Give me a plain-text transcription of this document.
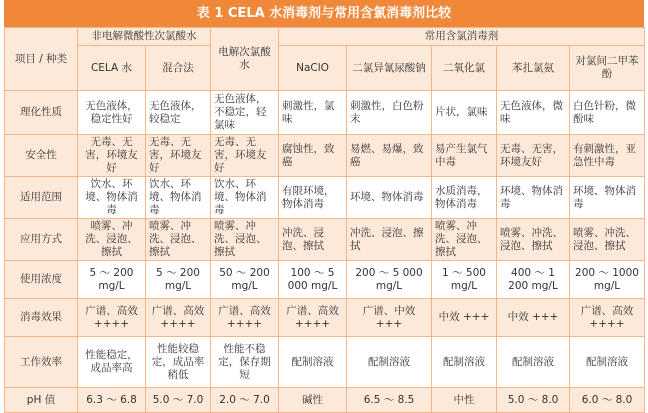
表 1 CELA 水消毒剂与常用含氯消毒剂比较
项目 / 种类	非电解微酸性次氯酸水		电解次氯酸水	常用含氯消毒剂				
	CELA 水	混合法		NaClO	二氯异氰尿酸钠	二氧化氯	苯扎氯氨	对氯间二甲苯酚
理化性质	无色液体，稳定性好	无色液体，较稳定	无色液体，不稳定，轻氯味	刺激性，氯味	刺激性，白色粉末	片状，氯味	无色液体，微味	白色针粉，微酚味
安全性	无毒、无害，环境友好	无毒、无害，环境友好	无毒、无害，环境友好	腐蚀性，致癌	易燃、易爆，致癌	易产生氯气中毒	无毒、无害，环境友好	有刺激性，亚急性中毒
适用范围	饮水、环境、物体消毒	饮水、环境、物体消毒	饮水、环境、物体消毒	有限环境，物体消毒	环境、物体消毒	水质消毒，物体消毒	环境、物体消毒	环境、物体消毒
应用方式	喷雾、冲洗、浸泡、擦拭	喷雾、冲洗、浸泡、擦拭	喷雾、冲洗、浸泡、擦拭	冲洗、浸泡、擦拭	冲洗、浸泡、擦拭	喷雾、冲洗、浸泡、擦拭	喷雾、冲洗、浸泡、擦拭	喷雾、冲洗、浸泡、擦拭
使用浓度	5 ～ 200 mg/L	5 ～ 200 mg/L	50 ～ 200 mg/L	100 ～ 5 000 mg/L	200 ～ 5 000 mg/L	1 ～ 500 mg/L	400 ～ 1 200 mg/L	200 ～ 1000 mg/L
消毒效果	广谱、高效 ++++	广谱、高效 ++++	广谱、高效 ++++	广谱、高效 ++++	广谱、中效 +++	中效 +++	中效 +++	广谱、高效 ++++
工作效率	性能稳定，成品率高	性能较稳定，成品率稍低	性能不稳定，保存期短	配制溶液	配制溶液	配制溶液	配制溶液	配制溶液
pH 值	6.3 ～ 6.8	5.0 ～ 7.0	2.0 ～ 7.0	碱性	6.5 ～ 8.5	中性	5.0 ～ 8.0	6.0 ～ 8.0
